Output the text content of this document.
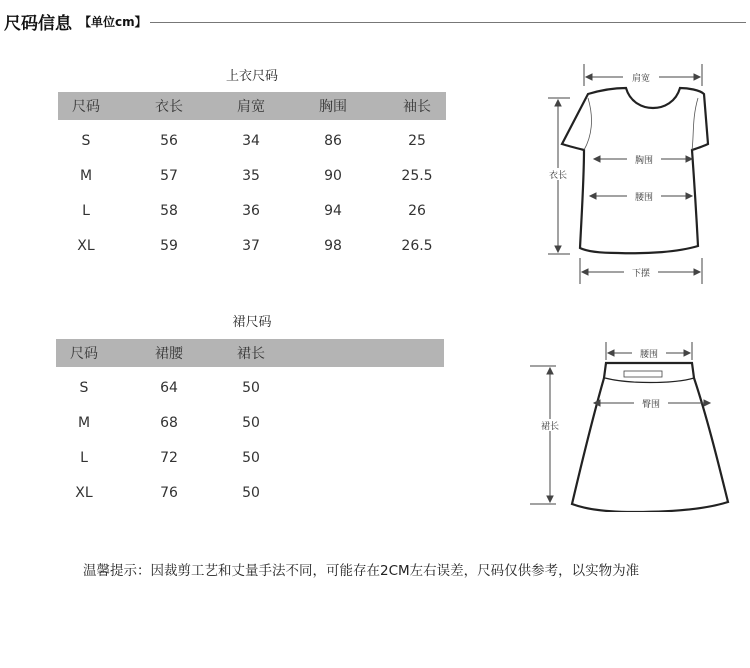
尺码信息 【单位cm】
上衣尺码
尺码	衣长	肩宽	胸围	袖长
S	56	34	86	25
M	57	35	90	25.5
L	58	36	94	26
XL	59	37	98	26.5
裙尺码
尺码	裙腰	裙长
S	64	50
M	68	50
L	72	50
XL	76	50
肩宽
胸围
腰围
衣长
下摆
腰围
臀围
裙长
温馨提示：因裁剪工艺和丈量手法不同，可能存在2CM左右误差，尺码仅供参考，以实物为准
